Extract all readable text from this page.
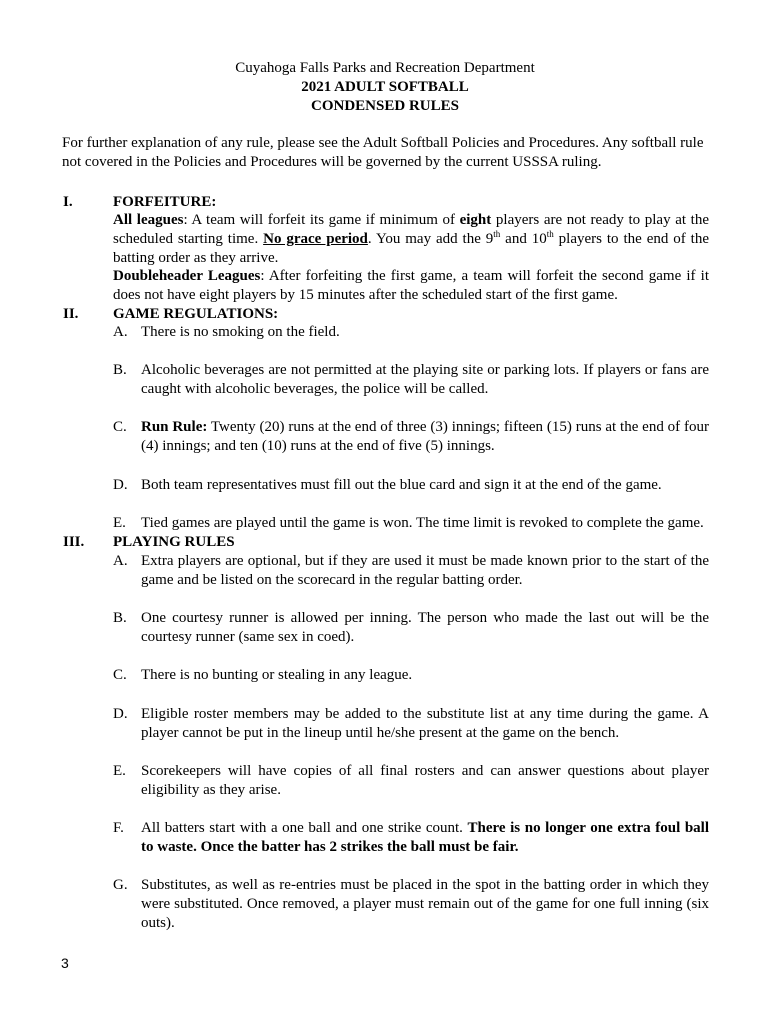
Cuyahoga Falls Parks and Recreation Department
2021 ADULT SOFTBALL
CONDENSED RULES
For further explanation of any rule, please see the Adult Softball Policies and Procedures. Any softball rule not covered in the Policies and Procedures will be governed by the current USSSA ruling.
I.	FORFEITURE:
All leagues: A team will forfeit its game if minimum of eight players are not ready to play at the scheduled starting time. No grace period. You may add the 9th and 10th players to the end of the batting order as they arrive.
Doubleheader Leagues: After forfeiting the first game, a team will forfeit the second game if it does not have eight players by 15 minutes after the scheduled start of the first game.
II. GAME REGULATIONS:
A. There is no smoking on the field.
B. Alcoholic beverages are not permitted at the playing site or parking lots. If players or fans are caught with alcoholic beverages, the police will be called.
C. Run Rule: Twenty (20) runs at the end of three (3) innings; fifteen (15) runs at the end of four (4) innings; and ten (10) runs at the end of five (5) innings.
D. Both team representatives must fill out the blue card and sign it at the end of the game.
E. Tied games are played until the game is won. The time limit is revoked to complete the game.
III. PLAYING RULES
A. Extra players are optional, but if they are used it must be made known prior to the start of the game and be listed on the scorecard in the regular batting order.
B. One courtesy runner is allowed per inning. The person who made the last out will be the courtesy runner (same sex in coed).
C. There is no bunting or stealing in any league.
D. Eligible roster members may be added to the substitute list at any time during the game. A player cannot be put in the lineup until he/she present at the game on the bench.
E. Scorekeepers will have copies of all final rosters and can answer questions about player eligibility as they arise.
F. All batters start with a one ball and one strike count. There is no longer one extra foul ball to waste. Once the batter has 2 strikes the ball must be fair.
G. Substitutes, as well as re-entries must be placed in the spot in the batting order in which they were substituted. Once removed, a player must remain out of the game for one full inning (six outs).
3
